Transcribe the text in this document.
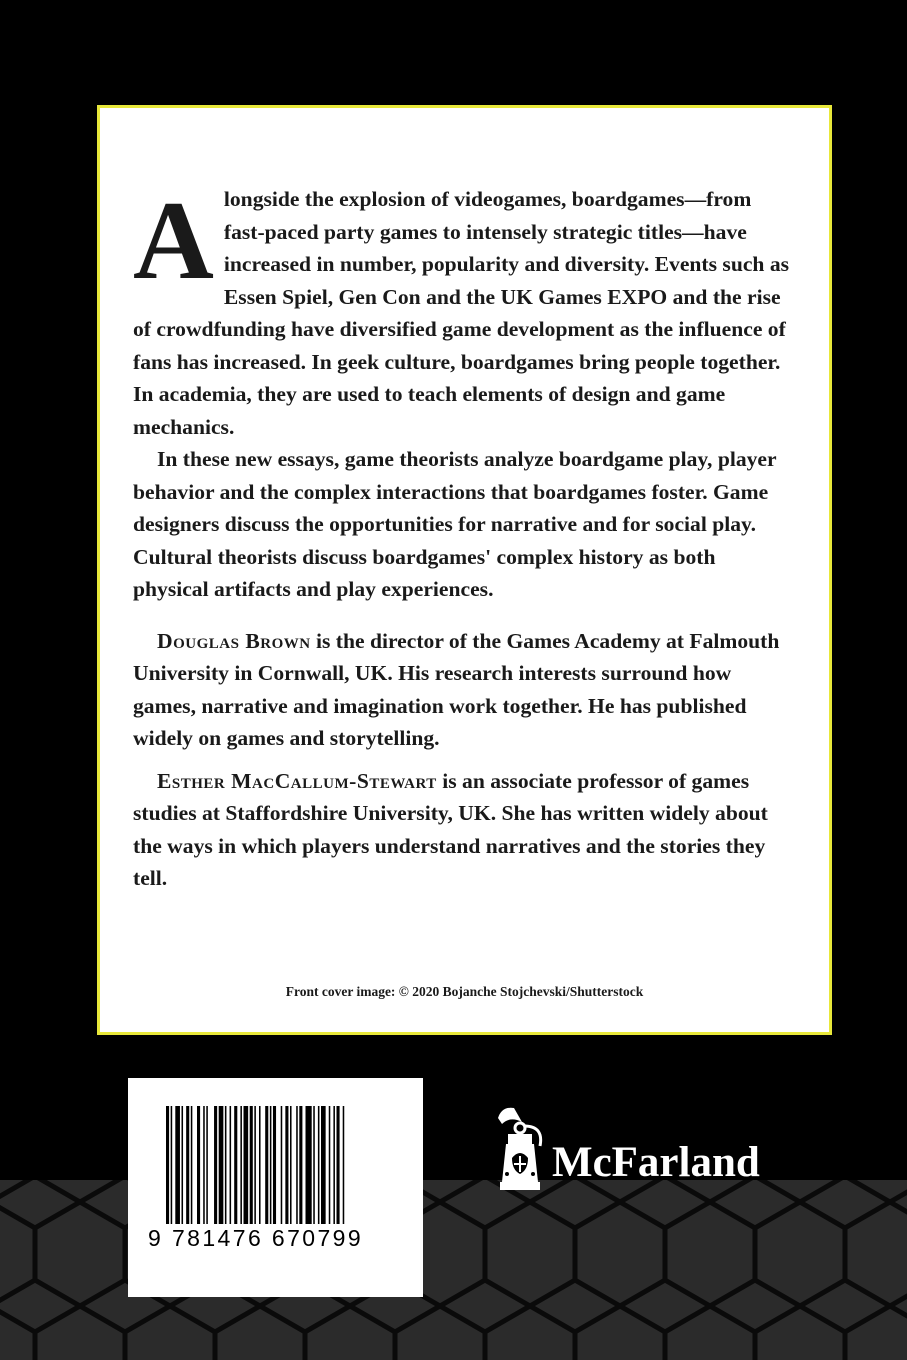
Alongside the explosion of videogames, boardgames—from fast-paced party games to intensely strategic titles—have increased in number, popularity and diversity. Events such as Essen Spiel, Gen Con and the UK Games EXPO and the rise of crowdfunding have diversified game development as the influence of fans has increased. In geek culture, boardgames bring people together. In academia, they are used to teach elements of design and game mechanics.

In these new essays, game theorists analyze boardgame play, player behavior and the complex interactions that boardgames foster. Game designers discuss the opportunities for narrative and for social play. Cultural theorists discuss boardgames' complex history as both physical artifacts and play experiences.

Douglas Brown is the director of the Games Academy at Falmouth University in Cornwall, UK. His research interests surround how games, narrative and imagination work together. He has published widely on games and storytelling.

Esther MacCallum-Stewart is an associate professor of games studies at Staffordshire University, UK. She has written widely about the ways in which players understand narratives and the stories they tell.

Front cover image: © 2020 Bojanche Stojchevski/Shutterstock
9 781476 670799
McFarland
